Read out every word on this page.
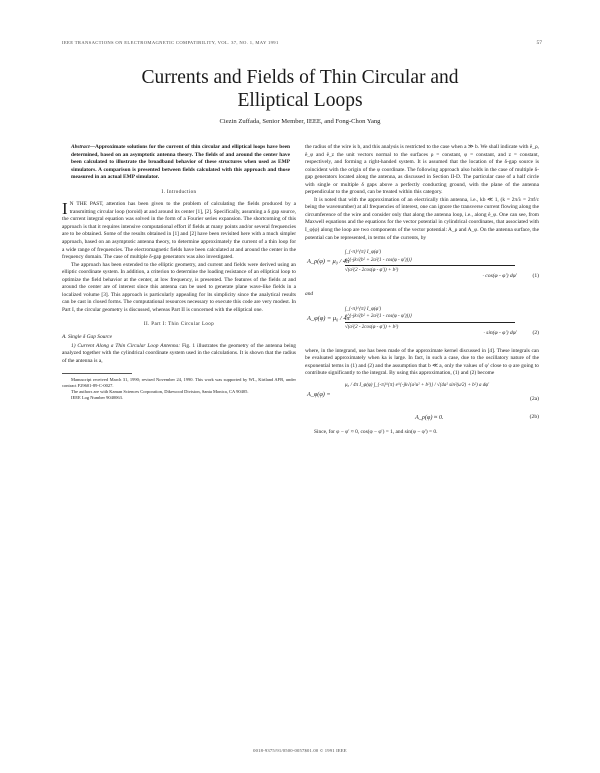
IEEE TRANSACTIONS ON ELECTROMAGNETIC COMPATIBILITY, VOL. 37, NO. 1, MAY 1991	57
Currents and Fields of Thin Circular and
Elliptical Loops
Ciezin Zuffada, Senior Member, IEEE, and Fong-Chon Yang

Abstract—Approximate solutions for the current of thin circular and elliptical loops have been determined, based on an asymptotic antenna theory. The fields of and around the center have been calculated to illustrate the broadband behavior of these structures when used as EMP simulators. A comparison is presented between fields calculated with this approach and those measured in an actual EMP simulator.

I. Introduction

I N THE PAST, attention has been given to the problem of calculating the fields produced by a transmitting circular loop (toroid) at and around its center [1], [2]. Specifically, assuming a δ gap source, the current integral equation was solved in the form of a Fourier series expansion. The shortcoming of this approach is that it requires intensive computational effort if fields at many points and/or several frequencies are to be obtained. Some of the results obtained in [1] and [2] have been revisited here with a much simpler approach, based on an asymptotic antenna theory, to determine approximately the current of a thin loop for a wide range of frequencies. The electromagnetic fields have been calculated at and around the center in the frequency domain. The case of multiple δ-gap generators was also investigated.

The approach has been extended to the elliptic geometry, and current and fields were derived using an elliptic coordinate system. In addition, a criterion to determine the loading resistance of an elliptical loop to optimize the field behavior at the center, at low frequency, is presented. The features of the fields at and around the center are of interest since this antenna can be used to generate plane wave-like fields in a localized volume [3]. This approach is particularly appealing for its simplicity since the analytical results can be cast in closed forms. The computational resources necessary to execute this code are very modest. In Part I, the circular geometry is discussed, whereas Part II is concerned with the elliptical one.

II. Part I: Thin Circular Loop
A. Single δ Gap Source

1) Current Along a Thin Circular Loop Antenna: Fig. 1 illustrates the geometry of the antenna being analyzed together with the cylindrical coordinate system used in the calculations. It is shown that the radius of the antenna is a,

Manuscript received March 31, 1990; revised November 24, 1990. This work was supported by WL, Kirtland AFB, under contract F29601-89-C-0027.

The authors are with Kaman Sciences Corporation, Dikewood Division, Santa Monica, CA 90405.

IEEE Log Number 9040063.

the radius of the wire is b, and this analysis is restricted to the case when a ≫ b. We shall indicate with ê_ρ, ê_φ and ê_z the unit vectors normal to the surfaces ρ = constant, φ = constant, and z = constant, respectively, and forming a right-handed system. It is assumed that the location of the δ-gap source is coincident with the origin of the φ coordinate. The following approach also holds in the case of multiple δ-gap generators located along the antenna, as discussed in Section II-D. The particular case of a half circle with single or multiple δ gaps above a perfectly conducting ground, with the plane of the antenna perpendicular to the ground, can be treated within this category.

It is noted that with the approximation of an electrically thin antenna, i.e., kb ≪ 1, (k = 2π/λ = 2πf/c being the wavenumber) at all frequencies of interest, one can ignore the transverse current flowing along the circumference of the wire and consider only that along the antenna loop, i.e., along ê_φ. One can see, from Maxwell equations and the equations for the vector potential in cylindrical coordinates, that associated with I_φ(φ) along the loop are two components of the vector potential: A_ρ and A_φ. On the antenna surface, the potential can be represented, in terms of the currents, by

A_ρ(φ) = μ₀ / 4π
∫_{-π}^{π} I_φ(φ′)
e^{-jk√(b² + 2a²(1 - cos(φ - φ′)))}
√(a²(2 - 2cos(φ - φ′)) + b²)
· cos(φ - φ′) dφ′	(1)

and

A_φ(φ) = μ₀ / 4π
∫_{-π}^{π} I_φ(φ′)
e^{-jk√(b² + 2a²(1 - cos(φ - φ′)))}
√(a²(2 - 2cos(φ - φ′)) + b²)
· sin(φ - φ′) dφ′	(2)

where, in the integrand, use has been made of the approximate kernel discussed in [4]. These integrals can be evaluated approximately when ka is large. In fact, in such a case, due to the oscillatory nature of the exponential terms in (1) and (2) and the assumption that b ≪ a, only the values of φ′ close to φ are going to contribute significantly to the integral. By using this approximation, (1) and (2) become

A_φ(φ) =
μ₀ / 4π I_φ(φ) ∫_{-π}^{π} e^{-jk√(a²u² + b²)} / √(4a² sin²(u/2) + b²) a dφ′
(2a)
A_ρ(φ) ≈ 0.	(2b)

Since, for φ − φ′ ≈ 0, cos(φ − φ′) = 1, and sin(φ − φ′) = 0.

0018-9375/91/0500-0057$01.00 © 1991 IEEE
